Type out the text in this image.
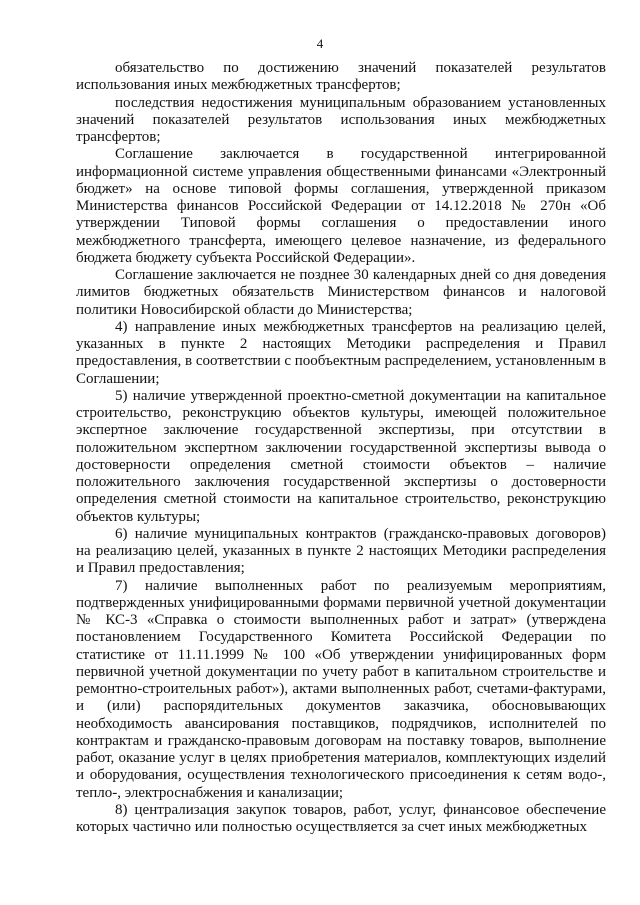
4

обязательство по достижению значений показателей результатов использования иных межбюджетных трансфертов;

последствия недостижения муниципальным образованием установленных значений показателей результатов использования иных межбюджетных трансфертов;

Соглашение заключается в государственной интегрированной информационной системе управления общественными финансами «Электронный бюджет» на основе типовой формы соглашения, утвержденной приказом Министерства финансов Российской Федерации от 14.12.2018 № 270н «Об утверждении Типовой формы соглашения о предоставлении иного межбюджетного трансферта, имеющего целевое назначение, из федерального бюджета бюджету субъекта Российской Федерации».

Соглашение заключается не позднее 30 календарных дней со дня доведения лимитов бюджетных обязательств Министерством финансов и налоговой политики Новосибирской области до Министерства;

4) направление иных межбюджетных трансфертов на реализацию целей, указанных в пункте 2 настоящих Методики распределения и Правил предоставления, в соответствии с пообъектным распределением, установленным в Соглашении;

5) наличие утвержденной проектно-сметной документации на капитальное строительство, реконструкцию объектов культуры, имеющей положительное экспертное заключение государственной экспертизы, при отсутствии в положительном экспертном заключении государственной экспертизы вывода о достоверности определения сметной стоимости объектов – наличие положительного заключения государственной экспертизы о достоверности определения сметной стоимости на капитальное строительство, реконструкцию объектов культуры;

6) наличие муниципальных контрактов (гражданско-правовых договоров) на реализацию целей, указанных в пункте 2 настоящих Методики распределения и Правил предоставления;

7) наличие выполненных работ по реализуемым мероприятиям, подтвержденных унифицированными формами первичной учетной документации № КС-3 «Справка о стоимости выполненных работ и затрат» (утверждена постановлением Государственного Комитета Российской Федерации по статистике от 11.11.1999 № 100 «Об утверждении унифицированных форм первичной учетной документации по учету работ в капитальном строительстве и ремонтно-строительных работ»), актами выполненных работ, счетами-фактурами, и (или) распорядительных документов заказчика, обосновывающих необходимость авансирования поставщиков, подрядчиков, исполнителей по контрактам и гражданско-правовым договорам на поставку товаров, выполнение работ, оказание услуг в целях приобретения материалов, комплектующих изделий и оборудования, осуществления технологического присоединения к сетям водо-, тепло-, электроснабжения и канализации;

8) централизация закупок товаров, работ, услуг, финансовое обеспечение которых частично или полностью осуществляется за счет иных межбюджетных
